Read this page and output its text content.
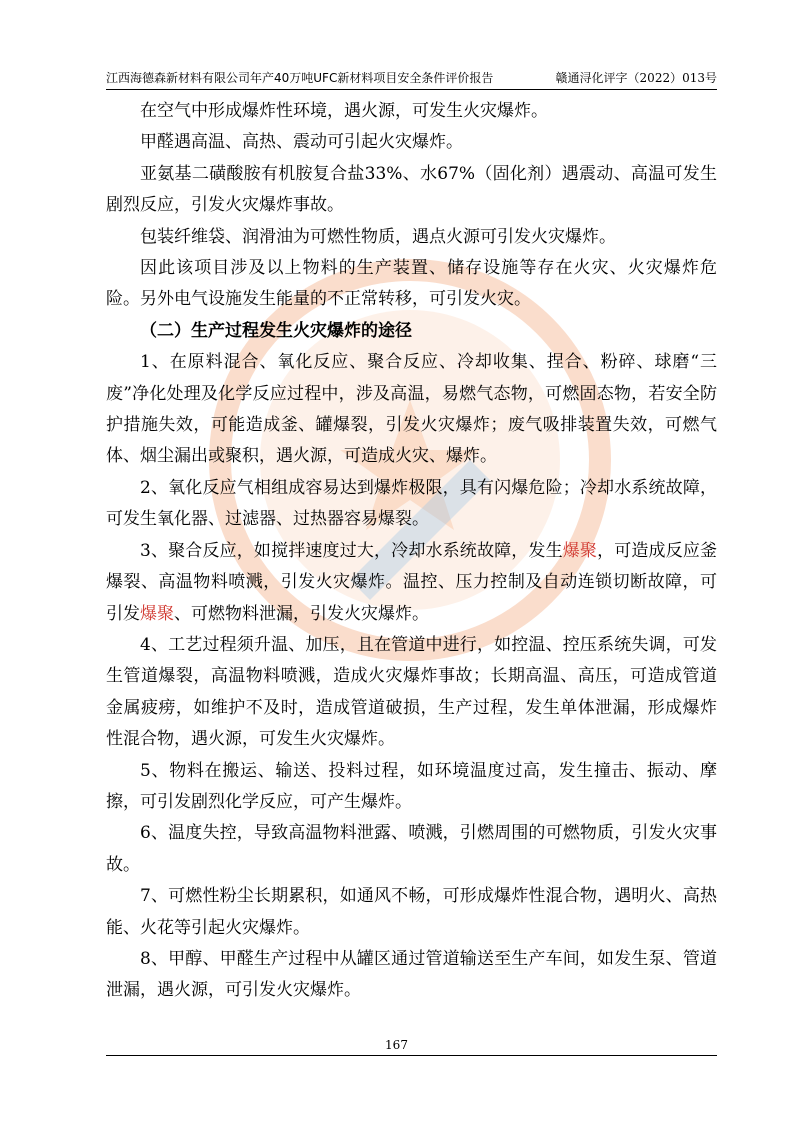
江西海德森新材料有限公司年产40万吨UFC新材料项目安全条件评价报告	赣通浔化评字（2022）013号

在空气中形成爆炸性环境，遇火源，可发生火灾爆炸。

甲醛遇高温、高热、震动可引起火灾爆炸。

亚氨基二磺酸胺有机胺复合盐33%、水67%（固化剂）遇震动、高温可发生剧烈反应，引发火灾爆炸事故。

包装纤维袋、润滑油为可燃性物质，遇点火源可引发火灾爆炸。

因此该项目涉及以上物料的生产装置、储存设施等存在火灾、火灾爆炸危险。另外电气设施发生能量的不正常转移，可引发火灾。

（二）生产过程发生火灾爆炸的途径

1、在原料混合、氧化反应、聚合反应、冷却收集、捏合、粉碎、球磨“三废”净化处理及化学反应过程中，涉及高温，易燃气态物，可燃固态物，若安全防护措施失效，可能造成釜、罐爆裂，引发火灾爆炸；废气吸排装置失效，可燃气体、烟尘漏出或聚积，遇火源，可造成火灾、爆炸。

2、氧化反应气相组成容易达到爆炸极限，具有闪爆危险；冷却水系统故障，可发生氧化器、过滤器、过热器容易爆裂。

3、聚合反应，如搅拌速度过大，冷却水系统故障，发生爆聚，可造成反应釜爆裂、高温物料喷溅，引发火灾爆炸。温控、压力控制及自动连锁切断故障，可引发爆聚、可燃物料泄漏，引发火灾爆炸。

4、工艺过程须升温、加压，且在管道中进行，如控温、控压系统失调，可发生管道爆裂，高温物料喷溅，造成火灾爆炸事故；长期高温、高压，可造成管道金属疲痨，如维护不及时，造成管道破损，生产过程，发生单体泄漏，形成爆炸性混合物，遇火源，可发生火灾爆炸。

5、物料在搬运、输送、投料过程，如环境温度过高，发生撞击、振动、摩擦，可引发剧烈化学反应，可产生爆炸。

6、温度失控，导致高温物料泄露、喷溅，引燃周围的可燃物质，引发火灾事故。

7、可燃性粉尘长期累积，如通风不畅，可形成爆炸性混合物，遇明火、高热能、火花等引起火灾爆炸。

8、甲醇、甲醛生产过程中从罐区通过管道输送至生产车间，如发生泵、管道泄漏，遇火源，可引发火灾爆炸。

167
